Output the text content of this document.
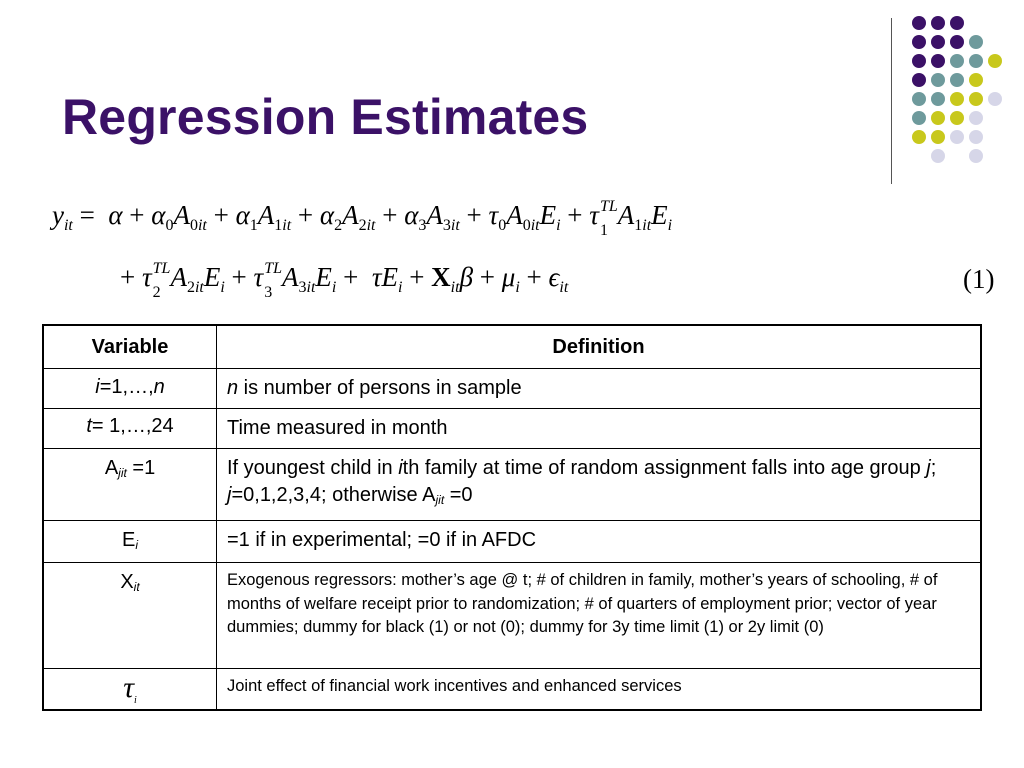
Regression Estimates
$y_{it} = \alpha + \alpha_0A_{0it} + \alpha_1A_{1it} + \alpha_2A_{2it} + \alpha_3A_{3it} + \tau_0A_{0it}E_i + \tau$ TL
1
$A_{1it}E_i$
+ τ TL
2
$A_{2it}E_i + \tau$ TL
3
$A_{3it}E_i + \tau E_i + X_{it}\beta + \mu_i + \epsilon_{it}$	(1)
Variable	Definition
i=1,…,n	n is number of persons in sample
t= 1,…,24	Time measured in month
Ajit =1	If youngest child in ith family at time of random assignment falls into age group j; j=0,1,2,3,4; otherwise Ajit =0
Ei	=1 if in experimental; =0 if in AFDC
Xit	Exogenous regressors: mother’s age @ t; # of children in family, mother’s years of schooling, # of months of welfare receipt prior to randomization; # of quarters of employment prior; vector of year dummies; dummy for black (1) or not (0); dummy for 3y time limit (1) or 2y limit (0)
$\tau_i$	Joint effect of financial work incentives and enhanced services
